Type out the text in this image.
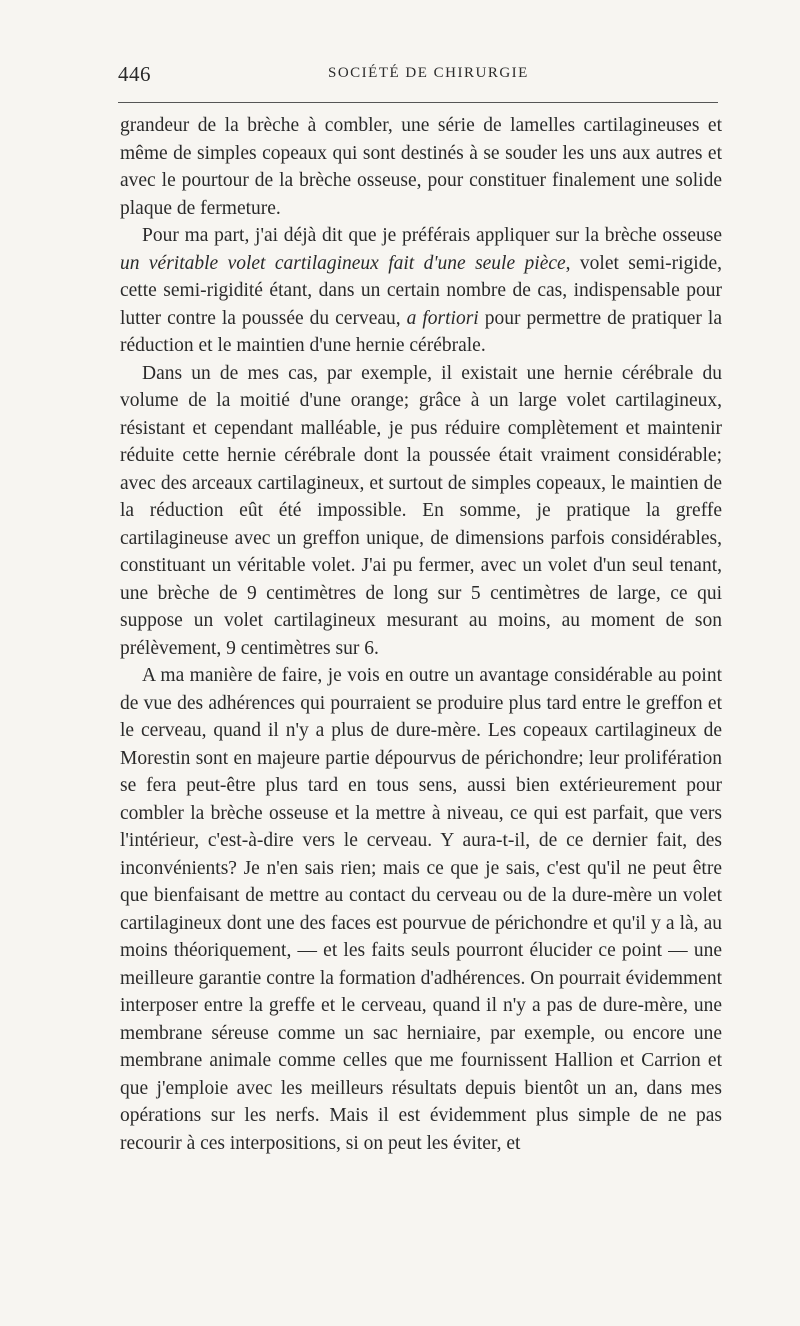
446	SOCIÉTÉ DE CHIRURGIE

grandeur de la brèche à combler, une série de lamelles cartilagineuses et même de simples copeaux qui sont destinés à se souder les uns aux autres et avec le pourtour de la brèche osseuse, pour constituer finalement une solide plaque de fermeture.

Pour ma part, j'ai déjà dit que je préférais appliquer sur la brèche osseuse un véritable volet cartilagineux fait d'une seule pièce, volet semi-rigide, cette semi-rigidité étant, dans un certain nombre de cas, indispensable pour lutter contre la poussée du cerveau, a fortiori pour permettre de pratiquer la réduction et le maintien d'une hernie cérébrale.

Dans un de mes cas, par exemple, il existait une hernie cérébrale du volume de la moitié d'une orange; grâce à un large volet cartilagineux, résistant et cependant malléable, je pus réduire complètement et maintenir réduite cette hernie cérébrale dont la poussée était vraiment considérable; avec des arceaux cartilagineux, et surtout de simples copeaux, le maintien de la réduction eût été impossible. En somme, je pratique la greffe cartilagineuse avec un greffon unique, de dimensions parfois considérables, constituant un véritable volet. J'ai pu fermer, avec un volet d'un seul tenant, une brèche de 9 centimètres de long sur 5 centimètres de large, ce qui suppose un volet cartilagineux mesurant au moins, au moment de son prélèvement, 9 centimètres sur 6.

A ma manière de faire, je vois en outre un avantage considérable au point de vue des adhérences qui pourraient se produire plus tard entre le greffon et le cerveau, quand il n'y a plus de dure-mère. Les copeaux cartilagineux de Morestin sont en majeure partie dépourvus de périchondre; leur prolifération se fera peut-être plus tard en tous sens, aussi bien extérieurement pour combler la brèche osseuse et la mettre à niveau, ce qui est parfait, que vers l'intérieur, c'est-à-dire vers le cerveau. Y aura-t-il, de ce dernier fait, des inconvénients? Je n'en sais rien; mais ce que je sais, c'est qu'il ne peut être que bienfaisant de mettre au contact du cerveau ou de la dure-mère un volet cartilagineux dont une des faces est pourvue de périchondre et qu'il y a là, au moins théoriquement, — et les faits seuls pourront élucider ce point — une meilleure garantie contre la formation d'adhérences. On pourrait évidemment interposer entre la greffe et le cerveau, quand il n'y a pas de dure-mère, une membrane séreuse comme un sac herniaire, par exemple, ou encore une membrane animale comme celles que me fournissent Hallion et Carrion et que j'emploie avec les meilleurs résultats depuis bientôt un an, dans mes opérations sur les nerfs. Mais il est évidemment plus simple de ne pas recourir à ces interpositions, si on peut les éviter, et
